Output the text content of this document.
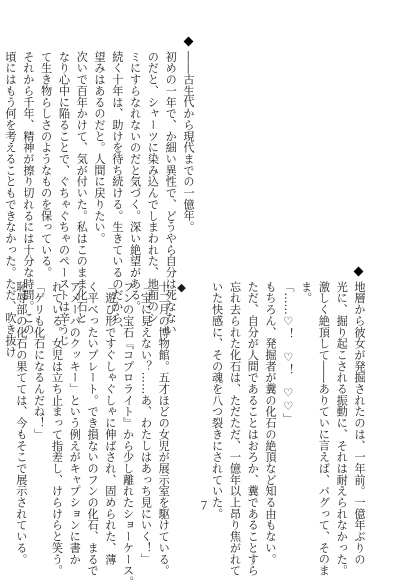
――古生代から現代までの一億年。
初めの一年で、か細い異性で、どうやら自分は死なない
のだと、シャーツに染み込んでしまわれた、地面のシ
ミにすらなれないのだと気づく。深い絶望がある。
続く十年は、助けを待ち続ける。生きているのだから、
望みはあるのだと。人間に戻りたい。
次いで百年かけて、気が付いた。私はこのまま化石と
なり心中に陥ることで、ぐちゃぐちゃのペーストは辛うじ
て生き物らしさのようなものを保っている。
それから千年、精神が擦り切れるには十分な時間。この
頃にはもう何を考えることもできなかった。ただ、吹き抜け

地層から彼女が発掘されたのは、一年前。一億年ぶりの
光に、掘り起こされる振動に、それは耐えられなかった。
激しく絶頂して――ありていに言えば、バグって、そのま
ま。
「……♡！　♡！　♡♡」
もちろん、発掘者が糞の化石の絶頂など知る由もない。
ただ、自分が人間であることはおろか、糞であることすら
忘れ去られた化石は、ただただ、一億年以上昂り焦がれて
いた快感に、その魂を八つ裂きにされていた。

◆
十二月の博物館。五才ほどの女児が展示室を駆けている。
「宝に見えない？……あ、わたしはあっち見にいく！」
フンの宝石『コプロライト』から少し離れたショーケース。
「遊び形ですぐしゃぐしゃに伸ばされ、固められた、薄
く平べったいプレート。でき損ないのフンの化石、まるで
アメーバのクッキー」という例えがキャプションに書か
れている。女児は立ち止まって指差し、けらけらと笑う。
「ゲリも化石になるんだね！」
恥辱部の化石の果てては、今もそこで展示されている。	７
